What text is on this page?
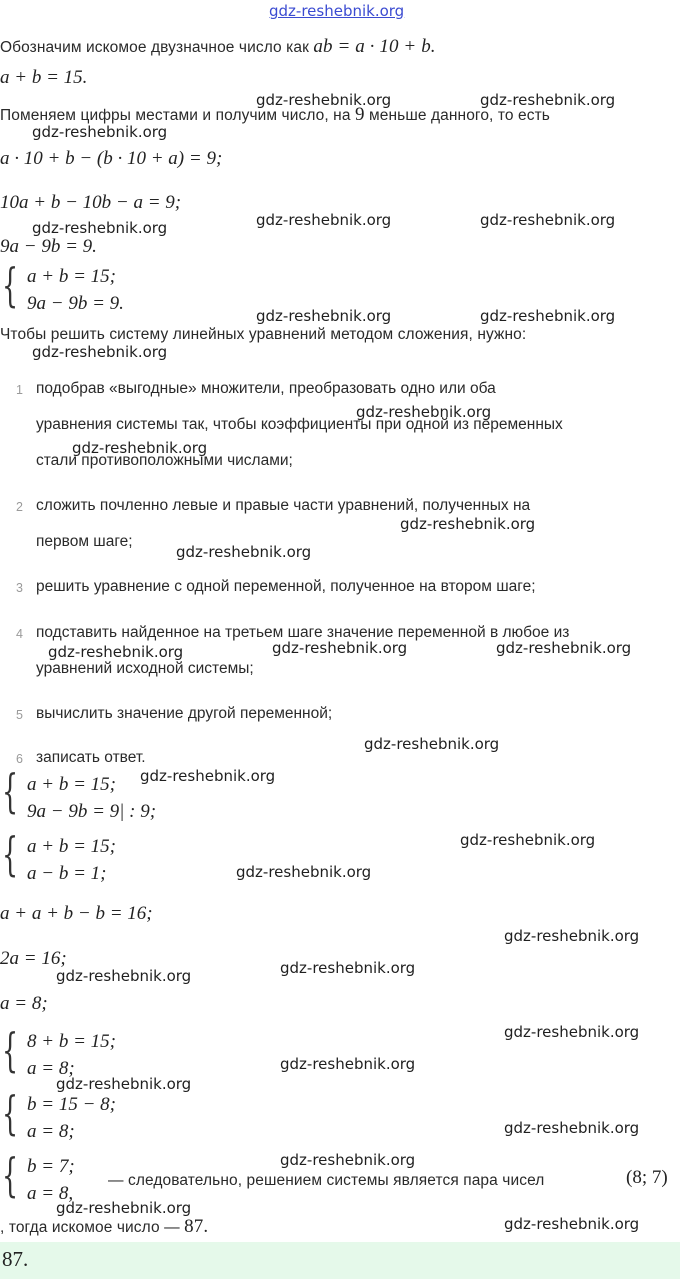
gdz-reshebnik.org
Обозначим искомое двузначное число как ab = a · 10 + b.
a + b = 15.
Поменяем цифры местами и получим число, на 9 меньше данного, то есть
a · 10 + b − (b · 10 + a) = 9;
10a + b − 10b − a = 9;
9a − 9b = 9.
{ a + b = 15;
9a − 9b = 9.
Чтобы решить систему линейных уравнений методом сложения, нужно:
1 подобрав «выгодные» множители, преобразовать одно или оба
уравнения системы так, чтобы коэффициенты при одной из переменных
стали противоположными числами;
2 сложить почленно левые и правые части уравнений, полученных на
первом шаге;
3 решить уравнение с одной переменной, полученное на втором шаге;
4 подставить найденное на третьем шаге значение переменной в любое из
уравнений исходной системы;
5 вычислить значение другой переменной;
6 записать ответ.
{ a + b = 15;
9a − 9b = 9| : 9;
{ a + b = 15;
a − b = 1;
a + a + b − b = 16;
2a = 16;
a = 8;
{ 8 + b = 15;
a = 8;
{ b = 15 − 8;
a = 8;
{ b = 7;
a = 8,
— следовательно, решением системы является пара чисел	(8; 7)
, тогда искомое число — 87.
87.
gdz-reshebnik.org	gdz-reshebnik.org
gdz-reshebnik.org
gdz-reshebnik.org	gdz-reshebnik.org
gdz-reshebnik.org
gdz-reshebnik.org	gdz-reshebnik.org
gdz-reshebnik.org
gdz-reshebnik.org
gdz-reshebnik.org
gdz-reshebnik.org
gdz-reshebnik.org
gdz-reshebnik.org	gdz-reshebnik.org	gdz-reshebnik.org
gdz-reshebnik.org
gdz-reshebnik.org
gdz-reshebnik.org
gdz-reshebnik.org
gdz-reshebnik.org
gdz-reshebnik.org
gdz-reshebnik.org
gdz-reshebnik.org
gdz-reshebnik.org
gdz-reshebnik.org
gdz-reshebnik.org
gdz-reshebnik.org
gdz-reshebnik.org
gdz-reshebnik.org
